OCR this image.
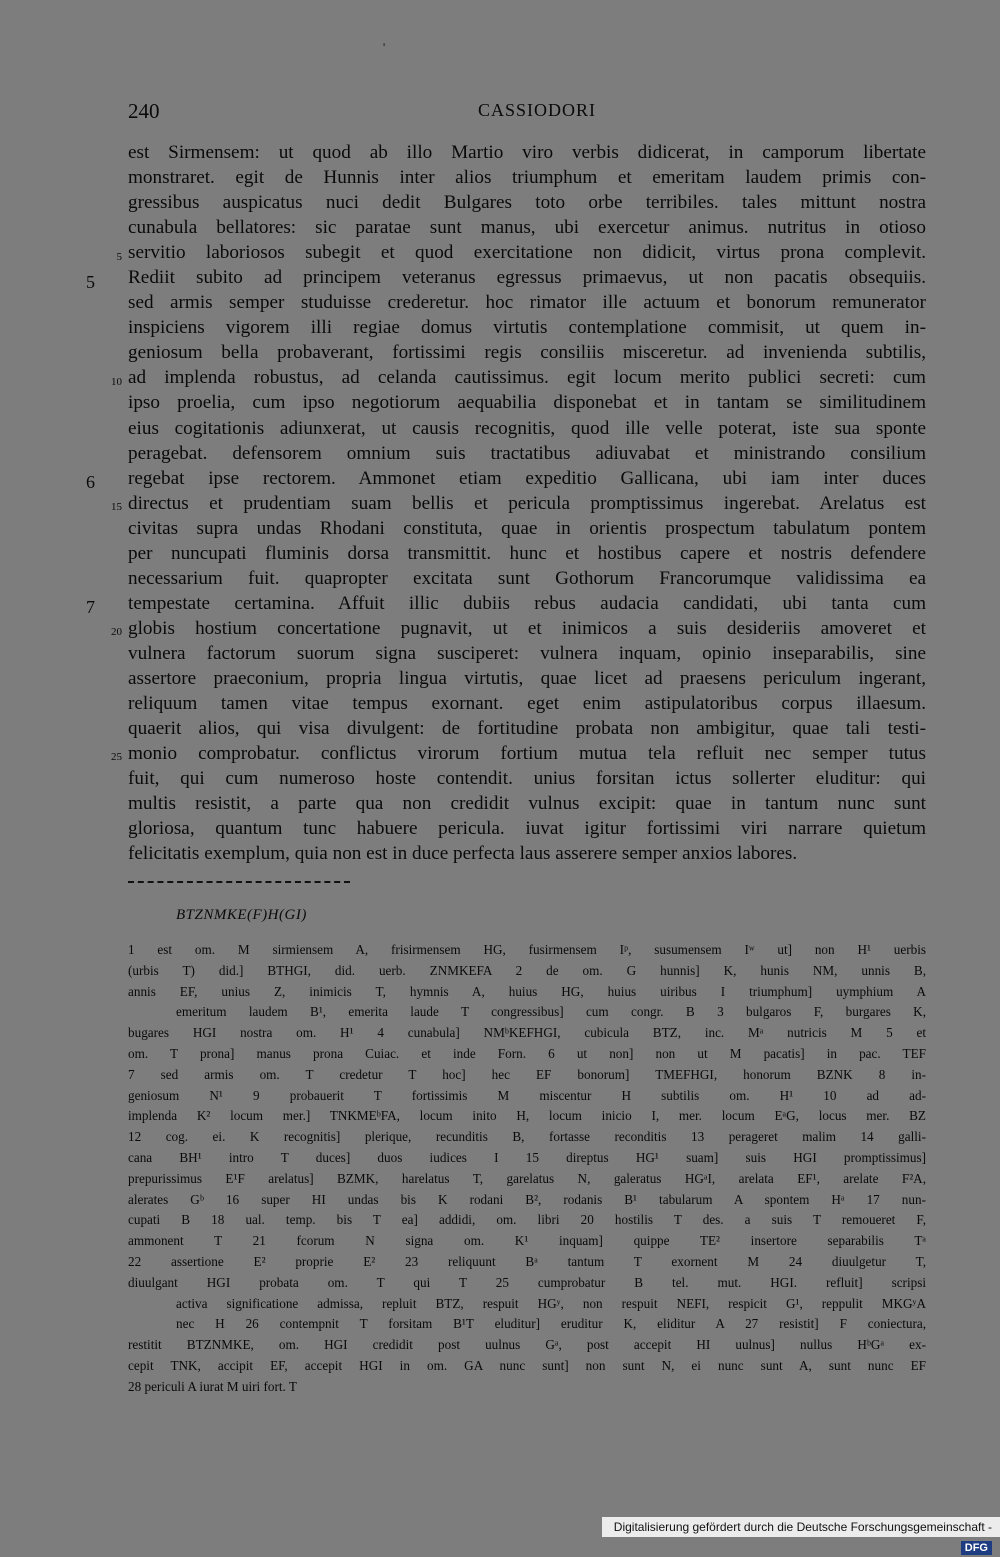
'
240	CASSIODORI
est Sirmensem: ut quod ab illo Martio viro verbis didicerat, in camporum libertate
monstraret. egit de Hunnis inter alios triumphum et emeritam laudem primis con-
gressibus auspicatus nuci dedit Bulgares toto orbe terribiles. tales mittunt nostra
cunabula bellatores: sic paratae sunt manus, ubi exercetur animus. nutritus in otioso
servitio laboriosos subegit et quod exercitatione non didicit, virtus prona complevit.
Rediit subito ad principem veteranus egressus primaevus, ut non pacatis obsequiis.
sed armis semper studuisse crederetur. hoc rimator ille actuum et bonorum remunerator
inspiciens vigorem illi regiae domus virtutis contemplatione commisit, ut quem in-
geniosum bella probaverant, fortissimi regis consiliis misceretur. ad invenienda subtilis,
ad implenda robustus, ad celanda cautissimus. egit locum merito publici secreti: cum
ipso proelia, cum ipso negotiorum aequabilia disponebat et in tantam se similitudinem
eius cogitationis adiunxerat, ut causis recognitis, quod ille velle poterat, iste sua sponte
peragebat. defensorem omnium suis tractatibus adiuvabat et ministrando consilium
regebat ipse rectorem. Ammonet etiam expeditio Gallicana, ubi iam inter duces
directus et prudentiam suam bellis et pericula promptissimus ingerebat. Arelatus est
civitas supra undas Rhodani constituta, quae in orientis prospectum tabulatum pontem
per nuncupati fluminis dorsa transmittit. hunc et hostibus capere et nostris defendere
necessarium fuit. quapropter excitata sunt Gothorum Francorumque validissima ea
tempestate certamina. Affuit illic dubiis rebus audacia candidati, ubi tanta cum
globis hostium concertatione pugnavit, ut et inimicos a suis desideriis amoveret et
vulnera factorum suorum signa susciperet: vulnera inquam, opinio inseparabilis, sine
assertore praeconium, propria lingua virtutis, quae licet ad praesens periculum ingerant,
reliquum tamen vitae tempus exornant. eget enim astipulatoribus corpus illaesum.
quaerit alios, qui visa divulgent: de fortitudine probata non ambigitur, quae tali testi-
monio comprobatur. conflictus virorum fortium mutua tela refluit nec semper tutus
fuit, qui cum numeroso hoste contendit. unius forsitan ictus sollerter eluditur: qui
multis resistit, a parte qua non credidit vulnus excipit: quae in tantum nunc sunt
gloriosa, quantum tunc habuere pericula. iuvat igitur fortissimi viri narrare quietum
felicitatis exemplum, quia non est in duce perfecta laus asserere semper anxios labores.
5
6
7
5
10
15
20
25
BTZNMKE(F)H(GI)
1 est om. M sirmiensem A, frisirmensem HG, fusirmensem Iᵖ, susumensem Iʷ ut] non H¹ uerbis
(urbis T) did.] BTHGI, did. uerb. ZNMKEFA 2 de om. G hunnis] K, hunis NM, unnis B,
annis EF, unius Z, inimicis T, hymnis A, huius HG, huius uiribus I triumphum] uymphium A
emeritum laudem B¹, emerita laude T congressibus] cum congr. B 3 bulgaros F, burgares K,
bugares HGI nostra om. H¹ 4 cunabula] NMᵇKEFHGI, cubicula BTZ, inc. Mᵃ nutricis M 5 et
om. T prona] manus prona Cuiac. et inde Forn. 6 ut non] non ut M pacatis] in pac. TEF
7 sed armis om. T credetur T hoc] hec EF bonorum] TMEFHGI, honorum BZNK 8 in-
geniosum N¹ 9 probauerit T fortissimis M miscentur H subtilis om. H¹ 10 ad ad-
implenda K² locum mer.] TNKMEᵇFA, locum inito H, locum inicio I, mer. locum EᵃG, locus mer. BZ
12 cog. ei. K recognitis] plerique, recunditis B, fortasse reconditis 13 perageret malim 14 galli-
cana BH¹ intro T duces] duos iudices I 15 direptus HG¹ suam] suis HGI promptissimus]
prepurissimus E¹F arelatus] BZMK, harelatus T, garelatus N, galeratus HGᵃI, arelata EF¹, arelate F²A,
alerates Gᵇ 16 super HI undas bis K rodani B², rodanis B¹ tabularum A spontem Hᵃ 17 nun-
cupati B 18 ual. temp. bis T ea] addidi, om. libri 20 hostilis T des. a suis T remoueret F,
ammonent T 21 fcorum N signa om. K¹ inquam] quippe TE² insertore separabilis Tᵃ
22 assertione E² proprie E² 23 reliquunt Bᵃ tantum T exornent M 24 diuulgetur T,
diuulgant HGI probata om. T qui T 25 cumprobatur B tel. mut. HGI. refluit] scripsi
activa significatione admissa, repluit BTZ, respuit HGʸ, non respuit NEFI, respicit G¹, reppulit MKGʸA
nec H 26 contempnit T forsitam B¹T eluditur] eruditur K, eliditur A 27 resistit] F coniectura,
restitit BTZNMKE, om. HGI credidit post uulnus Gᵃ, post accepit HI uulnus] nullus HᵇGᵃ ex-
cepit TNK, accipit EF, accepit HGI in om. GA nunc sunt] non sunt N, ei nunc sunt A, sunt nunc EF
28 periculi A iurat M uiri fort. T
Digitalisierung gefördert durch die Deutsche Forschungsgemeinschaft - DFG
